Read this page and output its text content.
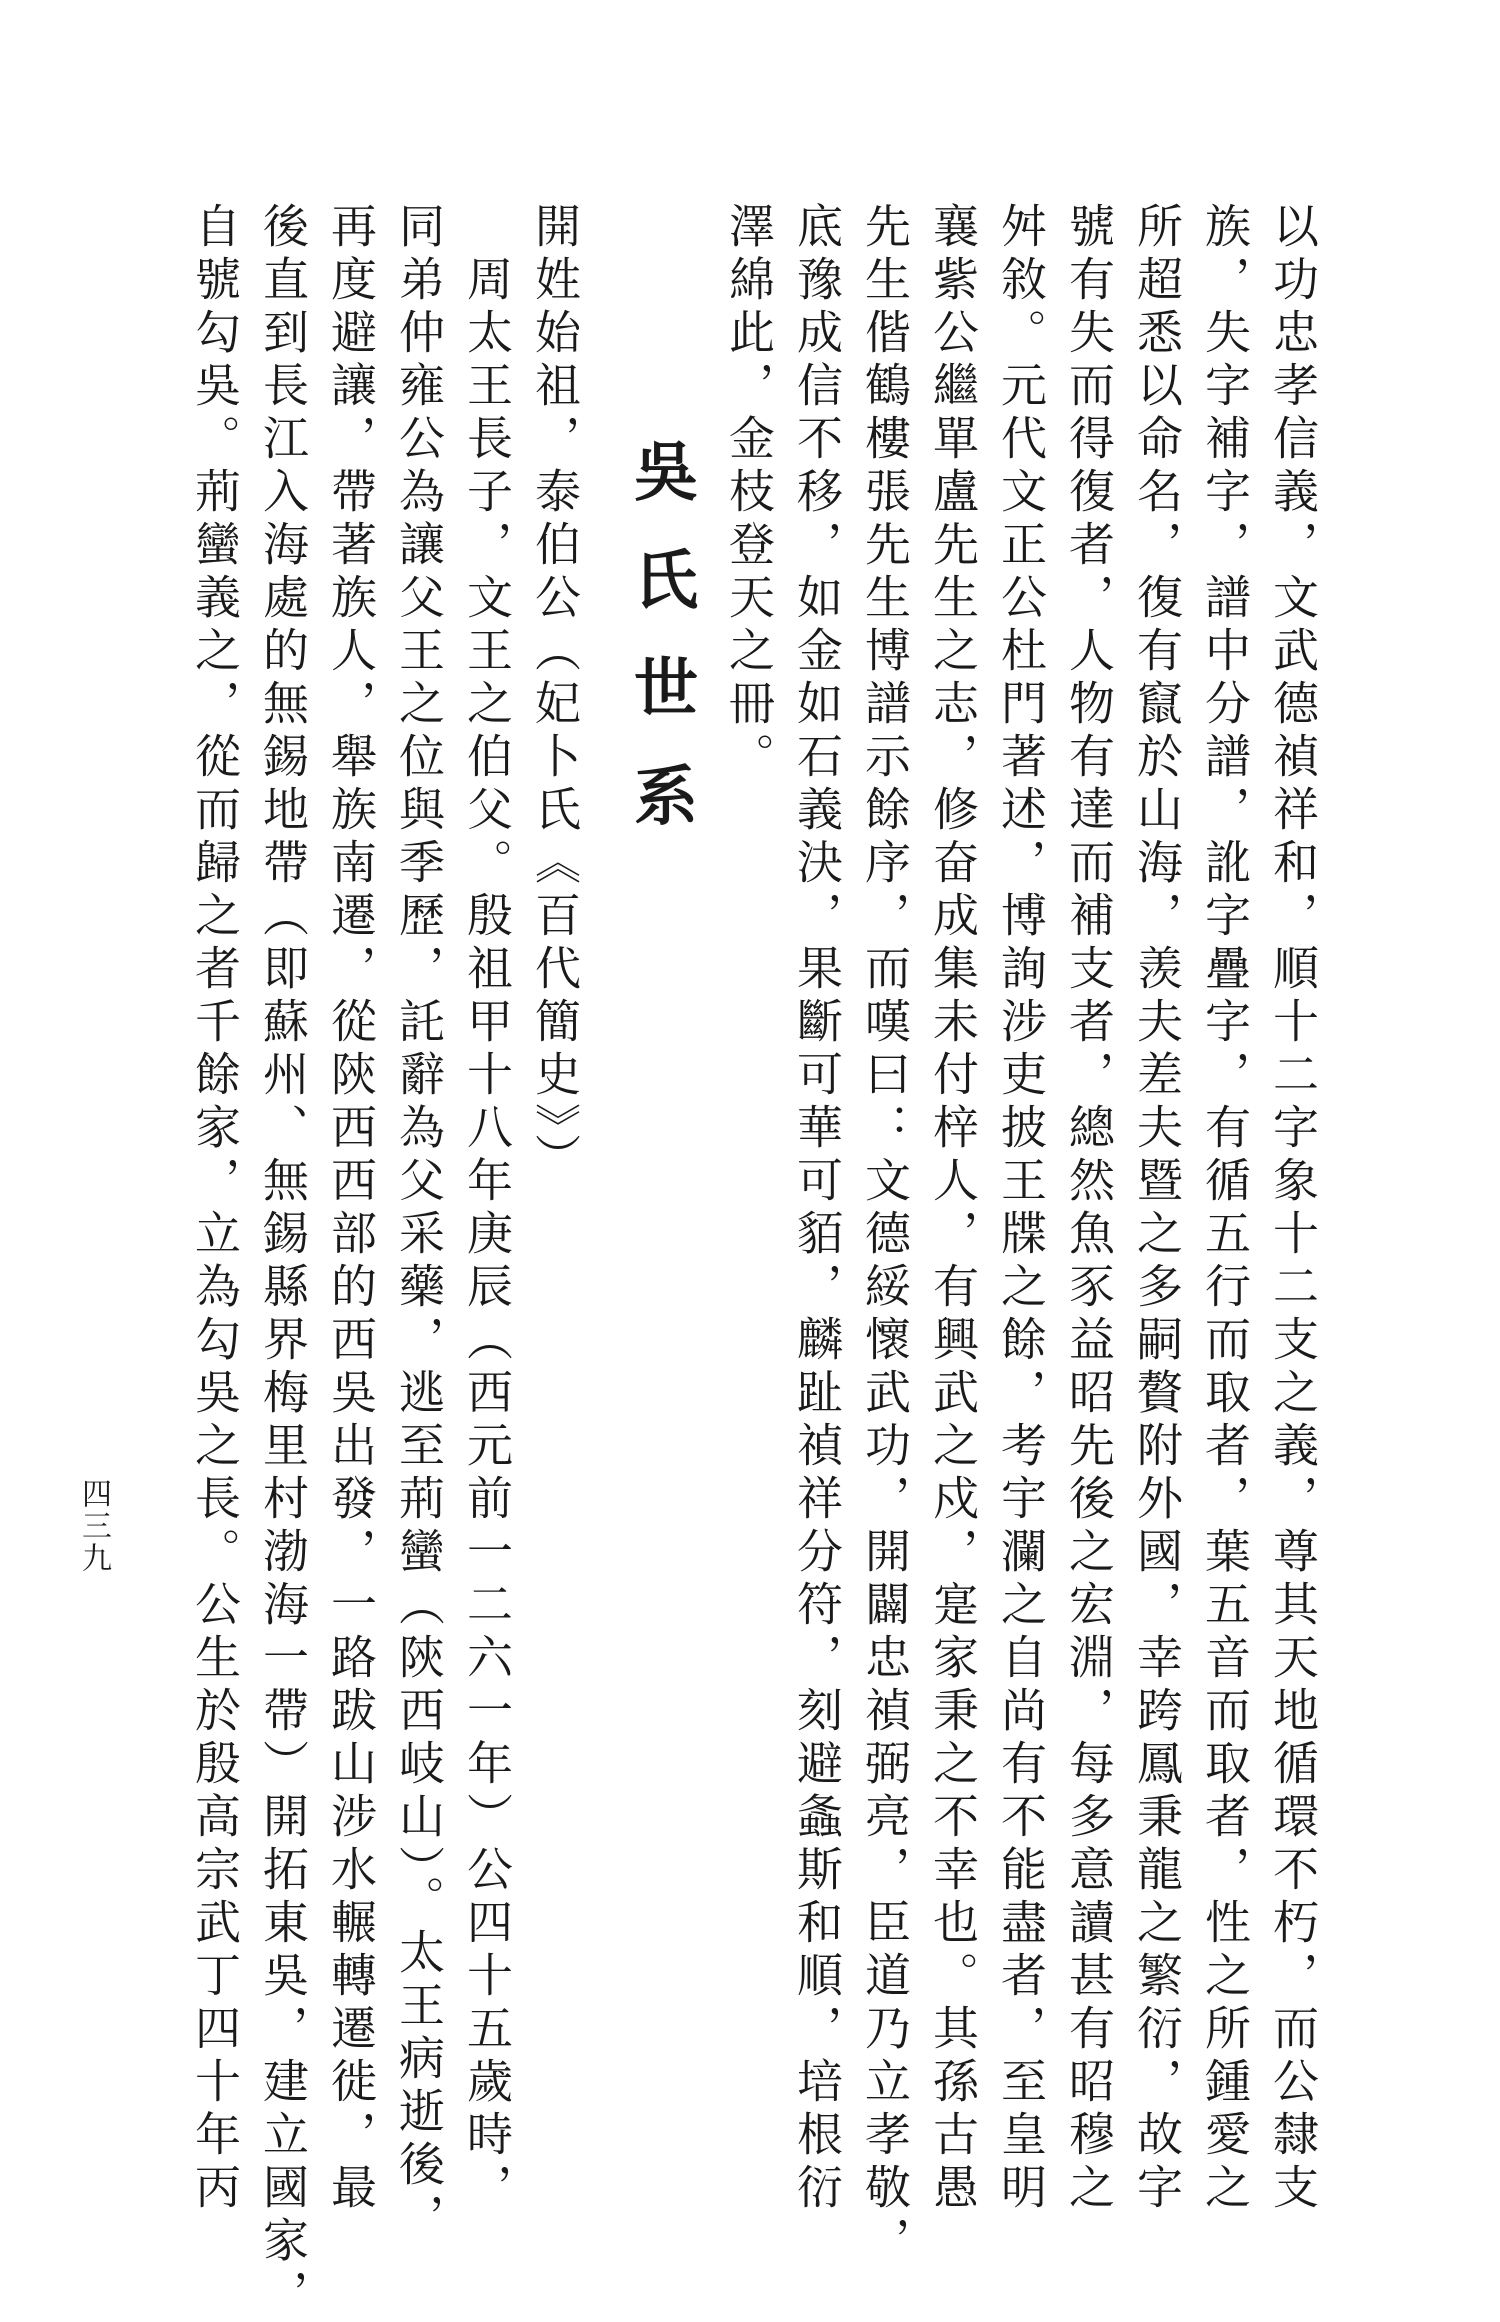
以功忠孝信義，文武德禎祥和，順十二字象十二支之義，尊其天地循環不朽，而公隸支
族，失字補字，譜中分譜，訛字疊字，有循五行而取者，葉五音而取者，性之所鍾愛之
所超悉以命名，復有竄於山海，羡夫差夫暨之多嗣贅附外國，幸跨鳳秉龍之繁衍，故字
號有失而得復者，人物有達而補支者，總然魚豕益昭先後之宏淵，每多意讀甚有昭穆之
舛敘。元代文正公杜門著述，博詢涉吏披王牒之餘，考宇瀾之自尚有不能盡者，至皇明
襄紫公繼單盧先生之志，修奋成集未付梓人，有興武之戍，寔家秉之不幸也。其孫古愚
先生偕鶴樓張先生博譜示餘序，而嘆曰：文德綏懷武功，開闢忠禎弼亮，臣道乃立孝敬，
底豫成信不移，如金如石義決，果斷可華可貊，麟趾禎祥分符，刻避螽斯和順，培根衍
澤綿此，金枝登天之冊。
吳氏世系
開姓始祖，泰伯公（妃卜氏《百代簡史》）
　周太王長子，文王之伯父。殷祖甲十八年庚辰（西元前一二六一年）公四十五歲時，
同弟仲雍公為讓父王之位與季歷，託辭為父采藥，逃至荊蠻（陝西岐山）。太王病逝後，
再度避讓，帶著族人，舉族南遷，從陝西西部的西吳出發，一路跋山涉水輾轉遷徙，最
後直到長江入海處的無錫地帶（即蘇州、無錫縣界梅里村渤海一帶）開拓東吳，建立國家，
自號勾吳。荊蠻義之，從而歸之者千餘家，立為勾吳之長。公生於殷高宗武丁四十年丙
四三九
